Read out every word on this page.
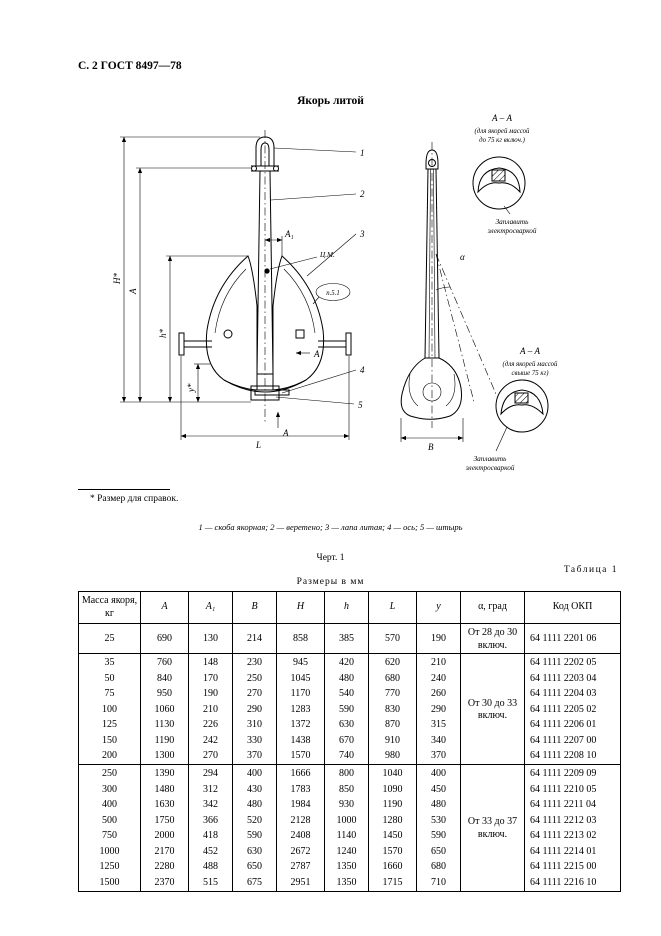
С. 2 ГОСТ 8497—78
Якорь литой
H*
A
h*
y*
A₁
L	B
α
А
А
1
2
3
4
5
Ц.М.
п.5.1
А – А
(для якорей массой
до 75 кг включ.)
Заплавить
электросваркой
А – А
(для якорей массой
свыше 75 кг)
Заплавить
электросваркой
* Размер для справок.
1 — скоба якорная; 2 — веретено; 3 — лапа литая; 4 — ось; 5 — штырь
Черт. 1
Таблица 1
Размеры в мм
Масса якоря, кг	А	А₁	В	Н	h	L	у	α, град	Код ОКП
25	690	130	214	858	385	570	190	От 28 до 30 включ.	64 1111 2201 06
35	760	148	230	945	420	620	210	От 30 до 33 включ.	64 1111 2202 05
50	840	170	250	1045	480	680	240		64 1111 2203 04
75	950	190	270	1170	540	770	260		64 1111 2204 03
100	1060	210	290	1283	590	830	290		64 1111 2205 02
125	1130	226	310	1372	630	870	315		64 1111 2206 01
150	1190	242	330	1438	670	910	340		64 1111 2207 00
200	1300	270	370	1570	740	980	370		64 1111 2208 10
250	1390	294	400	1666	800	1040	400	От 33 до 37 включ.	64 1111 2209 09
300	1480	312	430	1783	850	1090	450		64 1111 2210 05
400	1630	342	480	1984	930	1190	480		64 1111 2211 04
500	1750	366	520	2128	1000	1280	530		64 1111 2212 03
750	2000	418	590	2408	1140	1450	590		64 1111 2213 02
1000	2170	452	630	2672	1240	1570	650		64 1111 2214 01
1250	2280	488	650	2787	1350	1660	680		64 1111 2215 00
1500	2370	515	675	2951	1350	1715	710		64 1111 2216 10
